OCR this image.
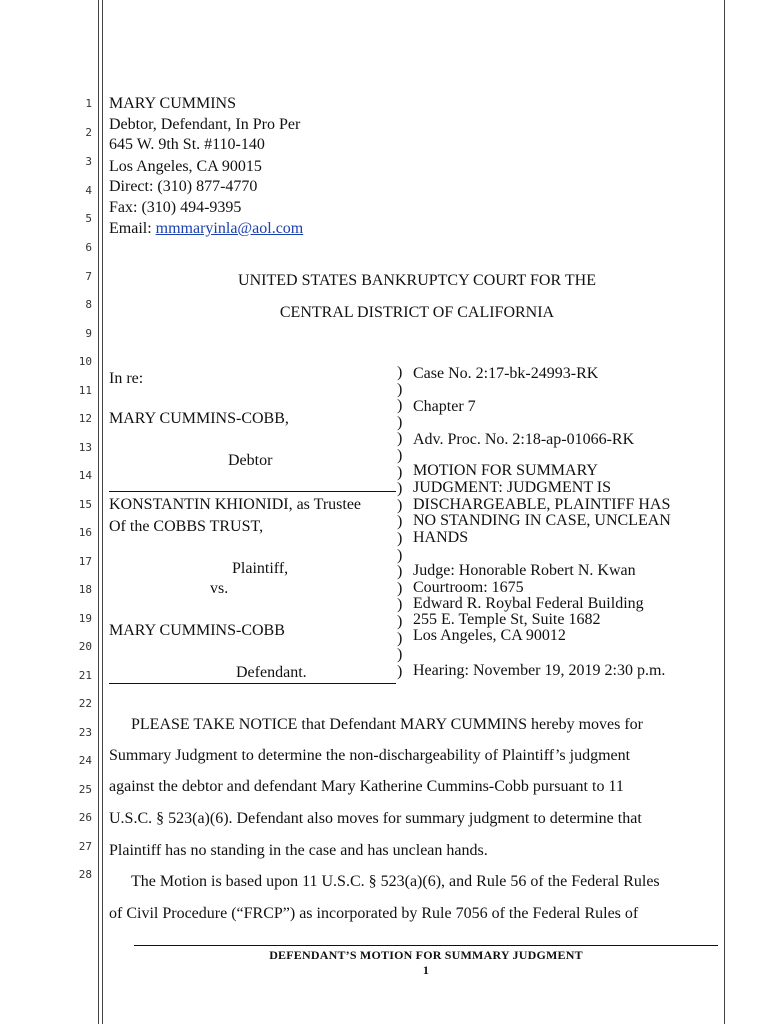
1
2
3
4
5
6
7
8
9
10
11
12
13
14
15
16
17
18
19
20
21
22
23
24
25
26
27
28
MARY CUMMINS
Debtor, Defendant, In Pro Per
645 W. 9th St. #110-140
Los Angeles, CA 90015
Direct: (310) 877-4770
Fax: (310) 494-9395
Email: mmmaryinla@aol.com
UNITED STATES BANKRUPTCY COURT FOR THE
CENTRAL DISTRICT OF CALIFORNIA
In re:
MARY CUMMINS-COBB,
Debtor
KONSTANTIN KHIONIDI, as Trustee
Of the COBBS TRUST,
Plaintiff,
vs.
MARY CUMMINS-COBB
Defendant.
)
)
)
)
)
)
)
)
)
)
)
)
)
)
)
)
)
)
)
Case No. 2:17-bk-24993-RK
Chapter 7
Adv. Proc. No. 2:18-ap-01066-RK
MOTION FOR SUMMARY
JUDGMENT: JUDGMENT IS
DISCHARGEABLE, PLAINTIFF HAS
NO STANDING IN CASE, UNCLEAN
HANDS
Judge: Honorable Robert N. Kwan
Courtroom: 1675
Edward R. Roybal Federal Building
255 E. Temple St, Suite 1682
Los Angeles, CA 90012
Hearing: November 19, 2019 2:30 p.m.
PLEASE TAKE NOTICE that Defendant MARY CUMMINS hereby moves for
Summary Judgment to determine the non-dischargeability of Plaintiff’s judgment
against the debtor and defendant Mary Katherine Cummins-Cobb pursuant to 11
U.S.C. § 523(a)(6). Defendant also moves for summary judgment to determine that
Plaintiff has no standing in the case and has unclean hands.
The Motion is based upon 11 U.S.C. § 523(a)(6), and Rule 56 of the Federal Rules
of Civil Procedure (“FRCP”) as incorporated by Rule 7056 of the Federal Rules of
DEFENDANT’S MOTION FOR SUMMARY JUDGMENT
1
